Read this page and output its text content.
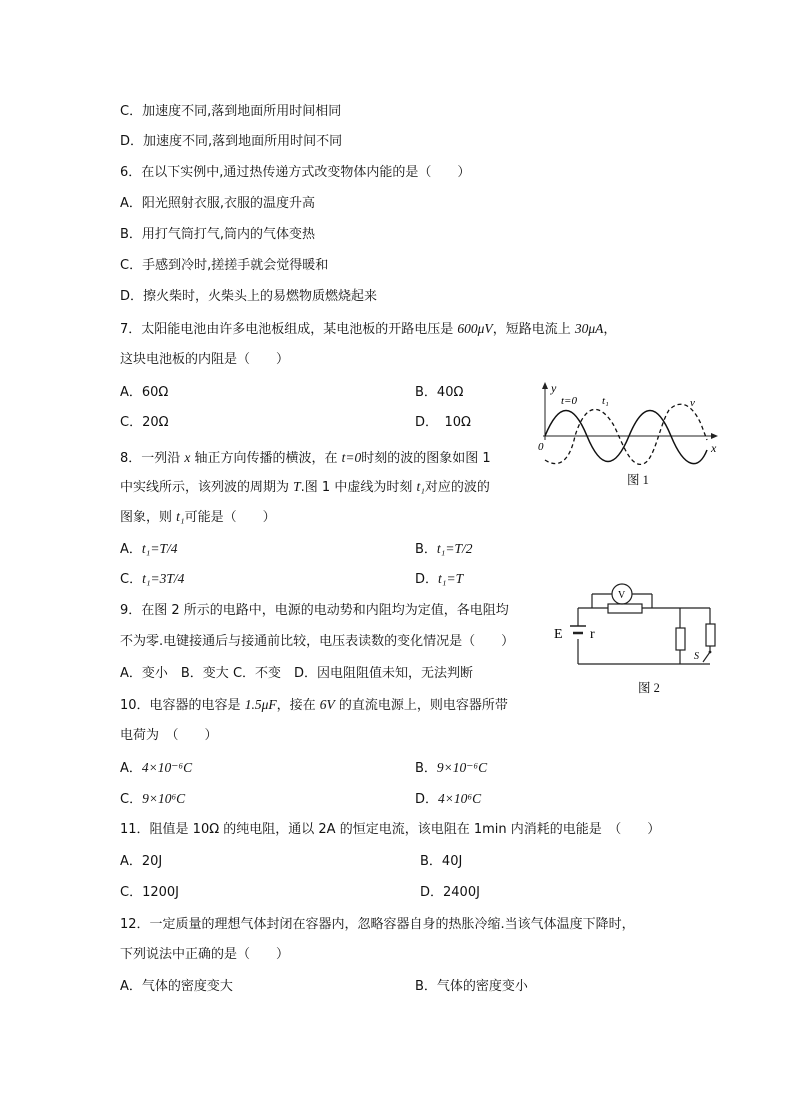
C．加速度不同,落到地面所用时间相同
D．加速度不同,落到地面所用时间不同
6．在以下实例中,通过热传递方式改变物体内能的是（　　）
A．阳光照射衣服,衣服的温度升高
B．用打气筒打气,筒内的气体变热
C．手感到冷时,搓搓手就会觉得暖和
D．擦火柴时，火柴头上的易燃物质燃烧起来
7．太阳能电池由许多电池板组成，某电池板的开路电压是 600μV，短路电流上 30μA，
这块电池板的内阻是（　　）
A．60Ω	B．40Ω
C．20Ω	D．　10Ω
y
x
0
t=0 t₁	v
图 1
8．一列沿 x 轴正方向传播的横波，在 t=0时刻的波的图象如图 1
中实线所示，该列波的周期为 T.图 1 中虚线为时刻 t₁对应的波的
图象，则 t₁可能是（　　）
A．t₁=T/4	B．t₁=T/2
C．t₁=3T/4	D．t₁=T
V
E r
S
图 2
9．在图 2 所示的电路中，电源的电动势和内阻均为定值，各电阻均
不为零.电键接通后与接通前比较，电压表读数的变化情况是（　　）
A．变小　B．变大 C．不变　D．因电阻阻值未知，无法判断
10．电容器的电容是 1.5μF，接在 6V 的直流电源上，则电容器所带
电荷为　（　　）
A．4×10⁻⁶C	B．9×10⁻⁶C
C．9×10⁶C	D．4×10⁶C
11．阻值是 10Ω 的纯电阻，通以 2A 的恒定电流，该电阻在 1min 内消耗的电能是　（　　）
A．20J	B．40J
C．1200J	D．2400J
12．一定质量的理想气体封闭在容器内，忽略容器自身的热胀冷缩.当该气体温度下降时，
下列说法中正确的是（　　）
A．气体的密度变大	B．气体的密度变小
